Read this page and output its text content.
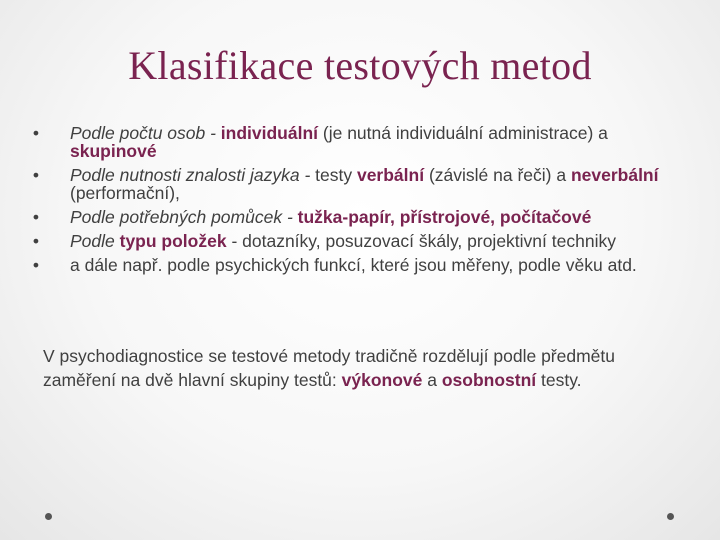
Klasifikace testových metod
• Podle počtu osob - individuální (je nutná individuální administrace) a skupinové
• Podle nutnosti znalosti jazyka - testy verbální (závislé na řeči) a neverbální (performační),
• Podle potřebných pomůcek - tužka-papír, přístrojové, počítačové
• Podle typu položek - dotazníky, posuzovací škály, projektivní techniky
• a dále např. podle psychických funkcí, které jsou měřeny, podle věku atd.

V psychodiagnostice se testové metody tradičně rozdělují podle předmětu zaměření na dvě hlavní skupiny testů: výkonové a osobnostní testy.
